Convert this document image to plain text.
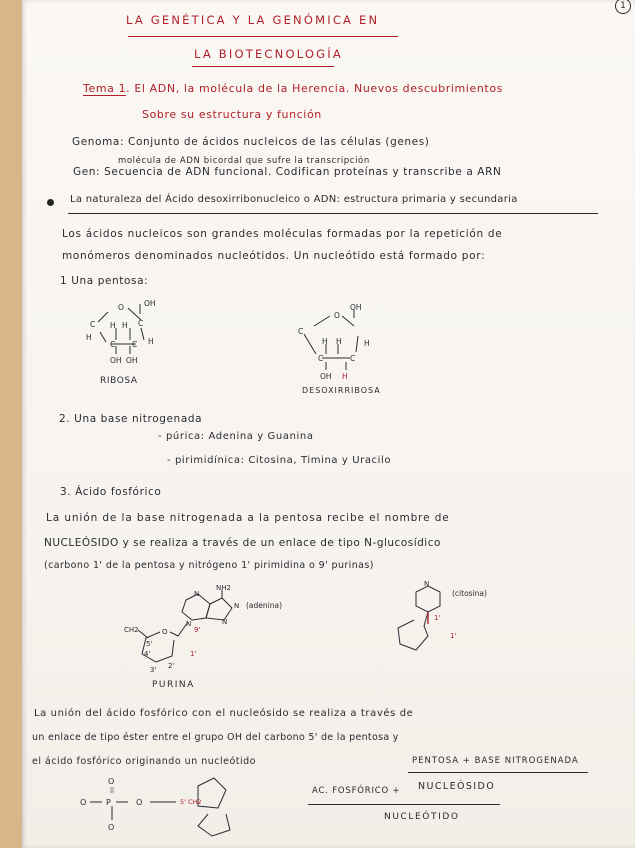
1
LA GENÉTICA Y LA GENÓMICA EN
LA BIOTECNOLOGÍA
Tema 1. El ADN, la molécula de la Herencia. Nuevos descubrimientos
Sobre su estructura y función
Genoma: Conjunto de ácidos nucleicos de las células (genes)
molécula de ADN bicordal que sufre la transcripción
Gen: Secuencia de ADN funcional. Codifican proteínas y transcribe a ARN
La naturaleza del Ácido desoxirribonucleico o ADN: estructura primaria y secundaria
Los ácidos nucleicos son grandes moléculas formadas por la repetición de
monómeros denominados nucleótidos. Un nucleótido está formado por:
1 Una pentosa:
O	OH
C H H C
H
C C H
OH OH
RIBOSA
O
OH
C
H H	H
C	C
OH H
DESOXIRRIBOSA
2. Una base nitrogenada
- púrica: Adenina y Guanina
- pirimidínica: Citosina, Timina y Uracilo
3. Ácido fosfórico
La unión de la base nitrogenada a la pentosa recibe el nombre de
NUCLEÓSIDO y se realiza a través de un enlace de tipo N-glucosídico
(carbono 1' de la pentosa y nitrógeno 1' pirimidina o 9' purinas)
NH2
N
N
N
N
CH2	O
5'
4'
3' 2'
1'
9'
(adenina)
PURINA
N
1'
1'
(citosina)
La unión del ácido fosfórico con el nucleósido se realiza a través de
un enlace de tipo éster entre el grupo OH del carbono 5' de la pentosa y
el ácido fosfórico originando un nucleótido
O
||
O P	O	5' CH2
O
PENTOSA + BASE NITROGENADA
AC. FOSFÓRICO + NUCLEÓSIDO
NUCLEÓTIDO
